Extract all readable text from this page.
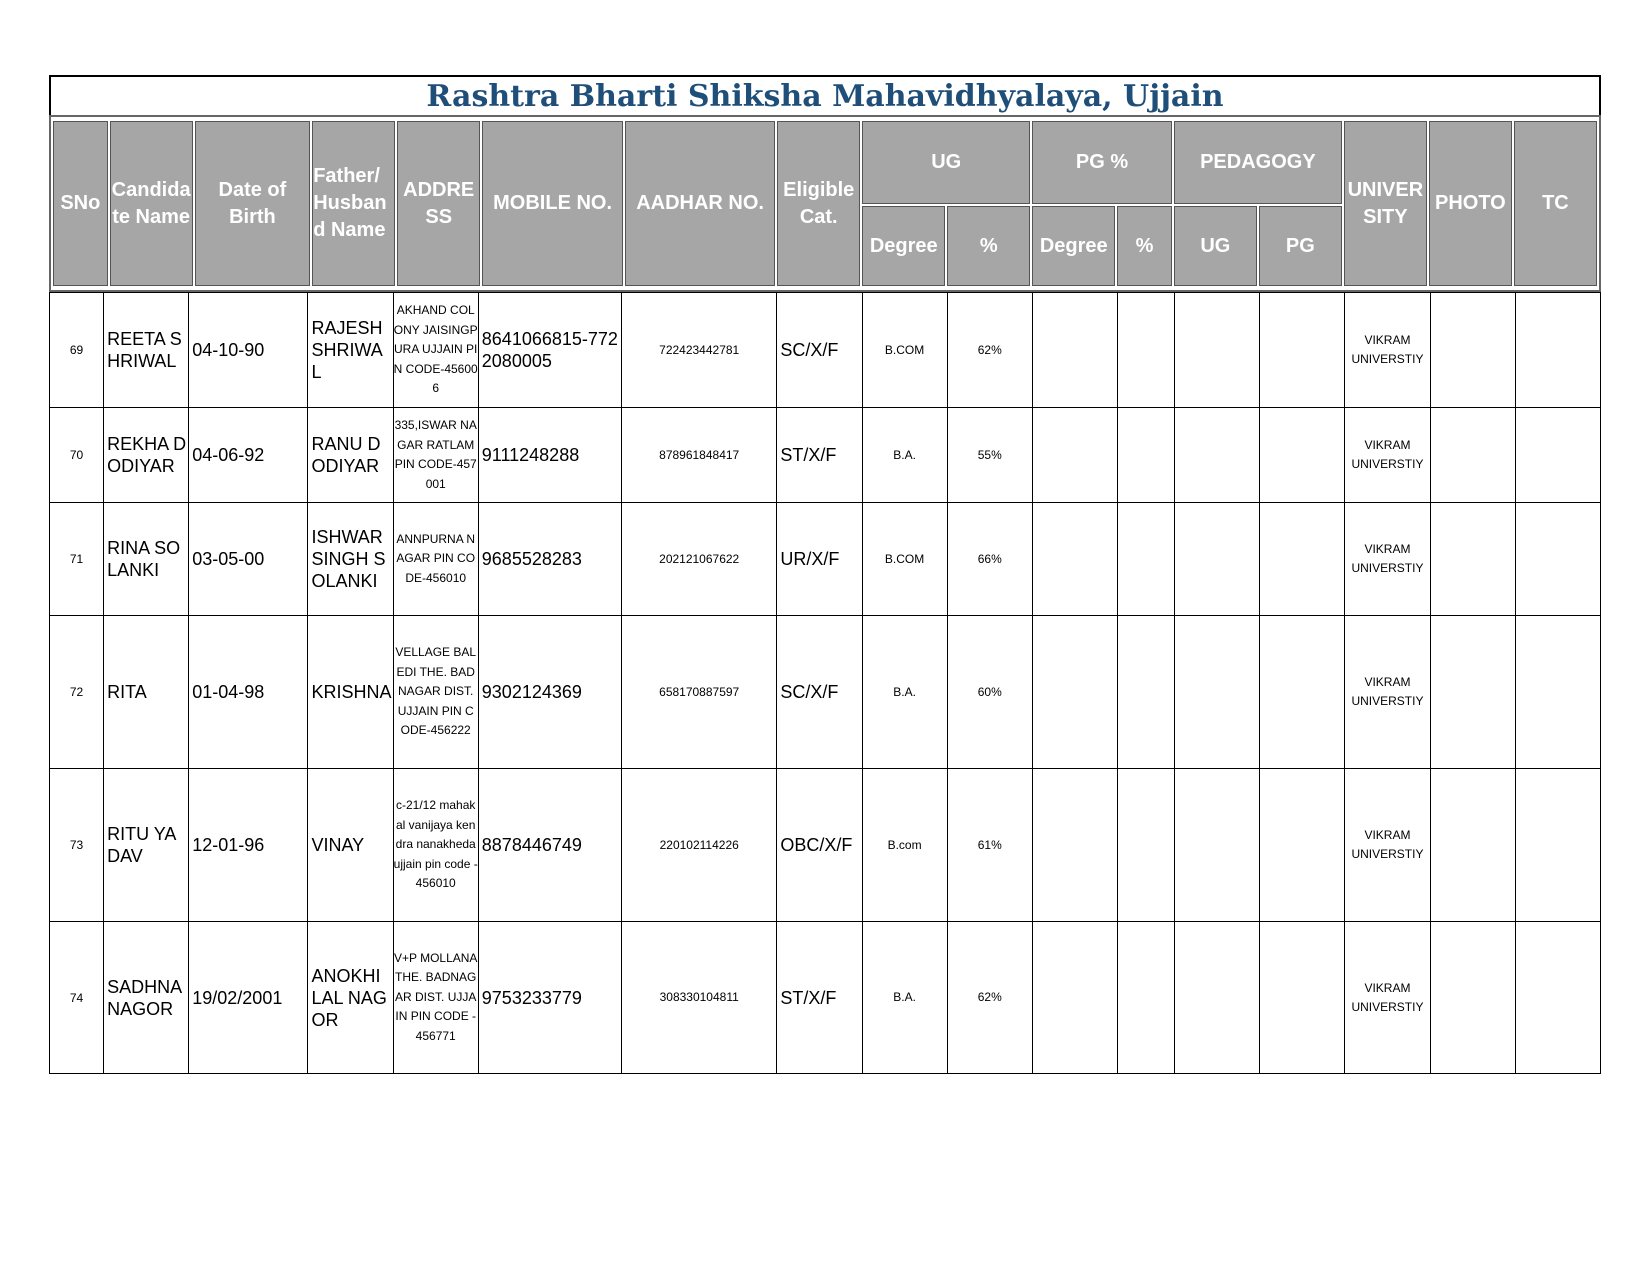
Rashtra Bharti Shiksha Mahavidhyalaya, Ujjain
SNo	Candida te Name	Date of Birth	Father/ Husban d Name	ADDRE SS	MOBILE NO.	AADHAR NO.	Eligible Cat.	UG		PG %		PEDAGOGY		UNIVER SITY	PHOTO	TC
								Degree	%	Degree	%	UG	PG			
69	REETA SHRIWAL	04-10-90	RAJESH SHRIWAL	AKHAND COLONY JAISINGPURA UJJAIN PIN CODE-456006	8641066815-7722080005	722423442781	SC/X/F	B.COM	62%					VIKRAM UNIVERSTIY		
70	REKHA DODIYAR	04-06-92	RANU DODIYAR	335,ISWAR NAGAR RATLAM PIN CODE-457001	9111248288	878961848417	ST/X/F	B.A.	55%					VIKRAM UNIVERSTIY		
71	RINA SOLANKI	03-05-00	ISHWAR SINGH SOLANKI	ANNPURNA NAGAR PIN CODE-456010	9685528283	202121067622	UR/X/F	B.COM	66%					VIKRAM UNIVERSTIY		
72	RITA	01-04-98	KRISHNA	VELLAGE BALEDI THE. BADNAGAR DIST. UJJAIN PIN CODE-456222	9302124369	658170887597	SC/X/F	B.A.	60%					VIKRAM UNIVERSTIY		
73	RITU YADAV	12-01-96	VINAY	c-21/12 mahakal vanijaya kendra nanakheda ujjain pin code - 456010	8878446749	220102114226	OBC/X/F	B.com	61%					VIKRAM UNIVERSTIY		
74	SADHNA NAGOR	19/02/2001	ANOKHI LAL NAGOR	V+P MOLLANA THE. BADNAGAR DIST. UJJAIN PIN CODE - 456771	9753233779	308330104811	ST/X/F	B.A.	62%					VIKRAM UNIVERSTIY		
